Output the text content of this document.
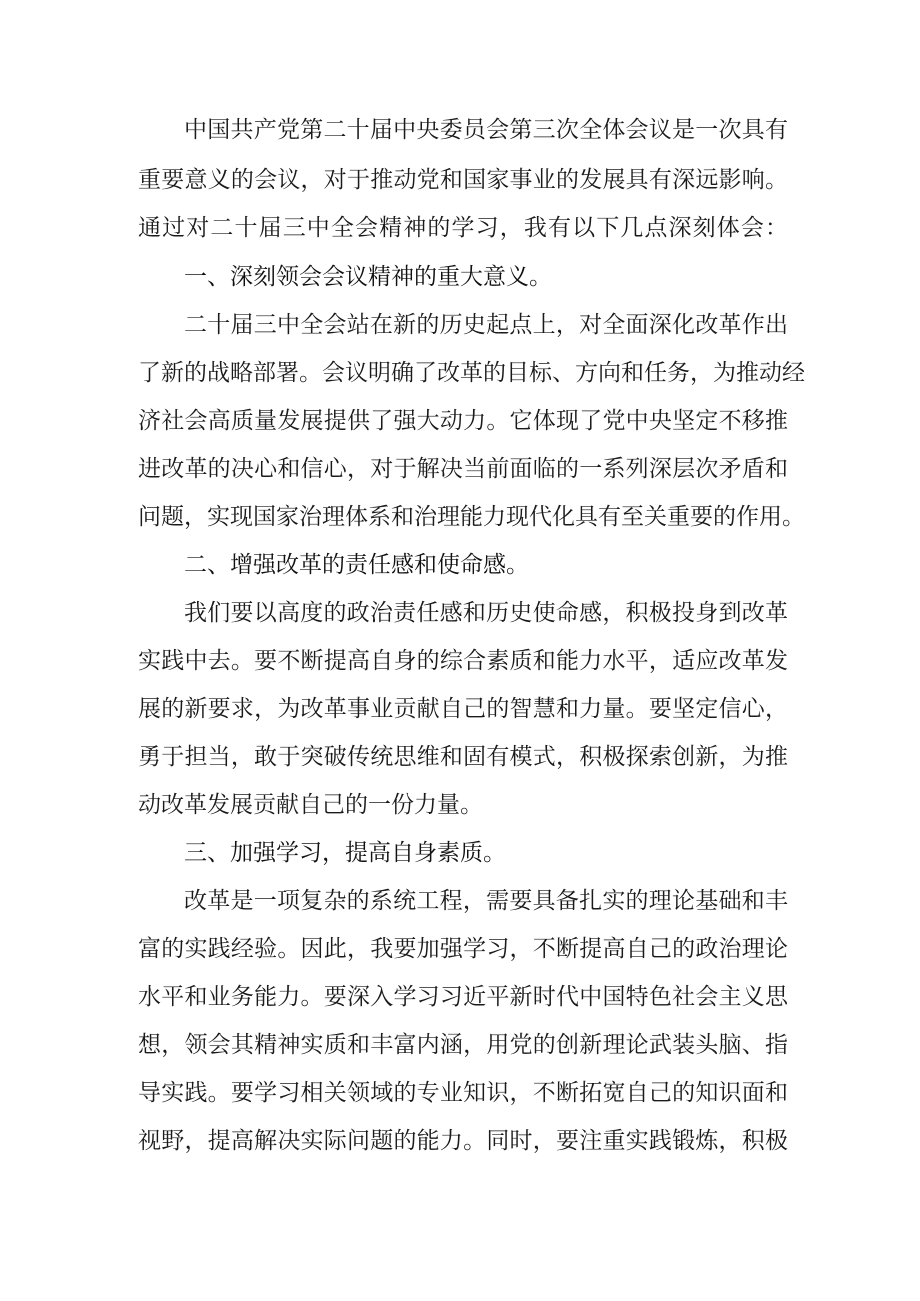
中国共产党第二十届中央委员会第三次全体会议是一次具有
重要意义的会议，对于推动党和国家事业的发展具有深远影响。
通过对二十届三中全会精神的学习，我有以下几点深刻体会：
一、深刻领会会议精神的重大意义。
二十届三中全会站在新的历史起点上，对全面深化改革作出
了新的战略部署。会议明确了改革的目标、方向和任务，为推动经
济社会高质量发展提供了强大动力。它体现了党中央坚定不移推
进改革的决心和信心，对于解决当前面临的一系列深层次矛盾和
问题，实现国家治理体系和治理能力现代化具有至关重要的作用。
二、增强改革的责任感和使命感。
我们要以高度的政治责任感和历史使命感，积极投身到改革
实践中去。要不断提高自身的综合素质和能力水平，适应改革发
展的新要求，为改革事业贡献自己的智慧和力量。要坚定信心，
勇于担当，敢于突破传统思维和固有模式，积极探索创新，为推
动改革发展贡献自己的一份力量。
三、加强学习，提高自身素质。
改革是一项复杂的系统工程，需要具备扎实的理论基础和丰
富的实践经验。因此，我要加强学习，不断提高自己的政治理论
水平和业务能力。要深入学习习近平新时代中国特色社会主义思
想，领会其精神实质和丰富内涵，用党的创新理论武装头脑、指
导实践。要学习相关领域的专业知识，不断拓宽自己的知识面和
视野，提高解决实际问题的能力。同时，要注重实践锻炼，积极
